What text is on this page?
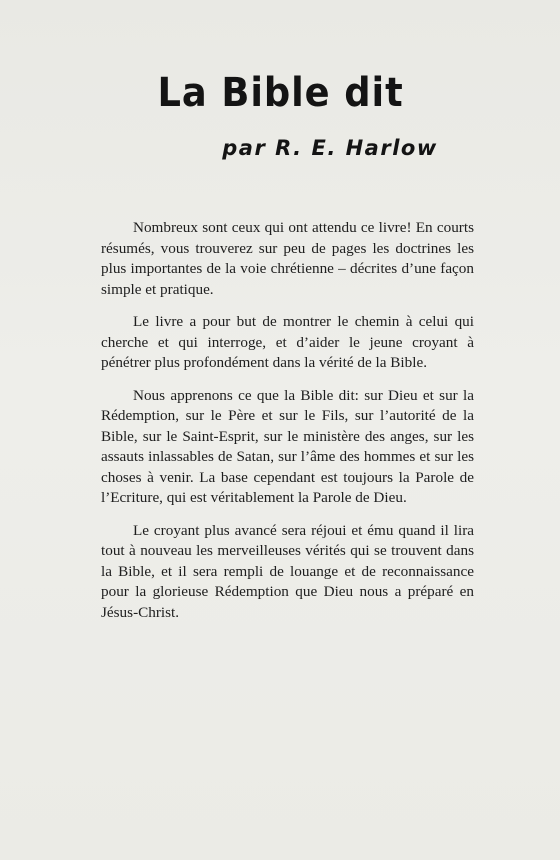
La Bible dit
par R. E. Harlow

Nombreux sont ceux qui ont attendu ce livre! En courts résumés, vous trouverez sur peu de pages les doctrines les plus importantes de la voie chrétienne – décrites d’une façon simple et pratique.

Le livre a pour but de montrer le chemin à celui qui cherche et qui interroge, et d’aider le jeune croyant à pénétrer plus profondément dans la vérité de la Bible.

Nous apprenons ce que la Bible dit: sur Dieu et sur la Rédemption, sur le Père et sur le Fils, sur l’autorité de la Bible, sur le Saint-Esprit, sur le ministère des anges, sur les assauts inlassables de Satan, sur l’âme des hommes et sur les choses à venir. La base cependant est toujours la Parole de l’Ecriture, qui est véritablement la Parole de Dieu.

Le croyant plus avancé sera réjoui et ému quand il lira tout à nouveau les merveilleuses vérités qui se trouvent dans la Bible, et il sera rempli de louange et de reconnaissance pour la glorieuse Rédemption que Dieu nous a préparé en Jésus-Christ.
